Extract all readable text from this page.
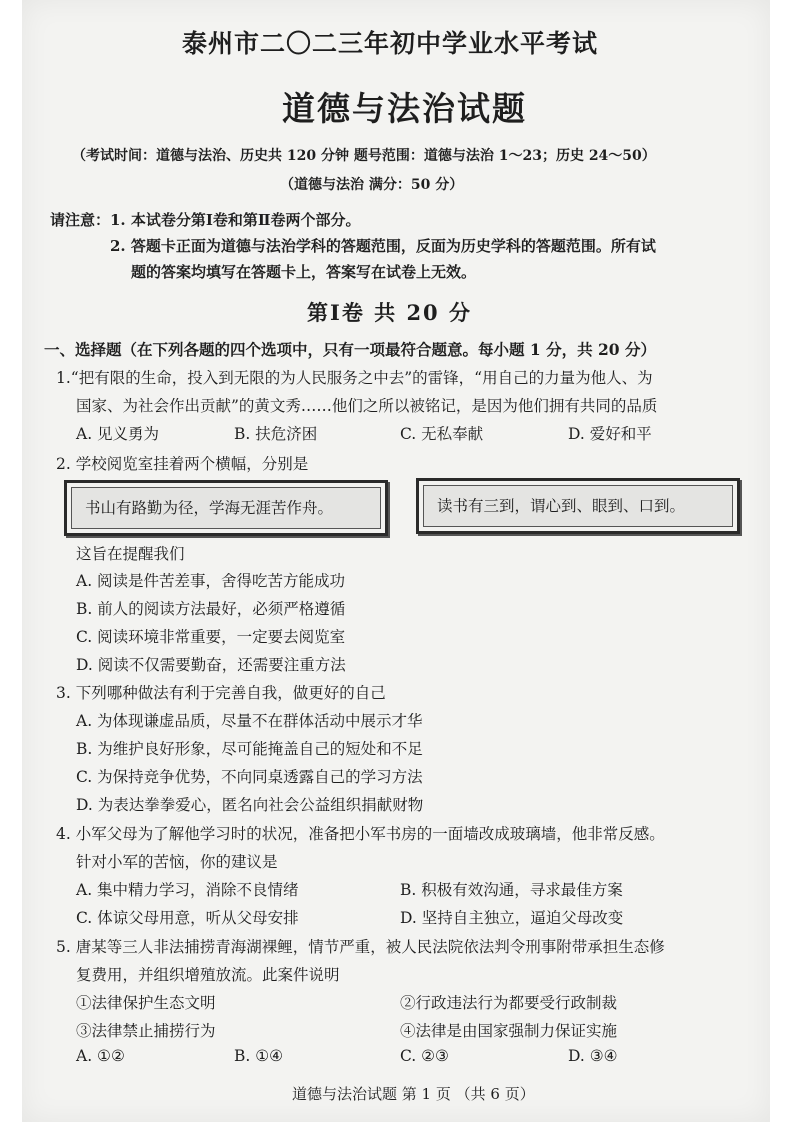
泰州市二〇二三年初中学业水平考试
道德与法治试题
（考试时间：道德与法治、历史共 120 分钟 题号范围：道德与法治 1～23；历史 24～50）
（道德与法治 满分：50 分）
请注意：1. 本试卷分第Ⅰ卷和第Ⅱ卷两个部分。
2. 答题卡正面为道德与法治学科的答题范围，反面为历史学科的答题范围。所有试
题的答案均填写在答题卡上，答案写在试卷上无效。
第Ⅰ卷 共 20 分
一、选择题（在下列各题的四个选项中，只有一项最符合题意。每小题 1 分，共 20 分）
1.“把有限的生命，投入到无限的为人民服务之中去”的雷锋，“用自己的力量为他人、为
国家、为社会作出贡献”的黄文秀……他们之所以被铭记，是因为他们拥有共同的品质
A. 见义勇为	B. 扶危济困	C. 无私奉献	D. 爱好和平
2. 学校阅览室挂着两个横幅，分别是
书山有路勤为径，学海无涯苦作舟。	读书有三到，谓心到、眼到、口到。
这旨在提醒我们
A. 阅读是件苦差事，舍得吃苦方能成功
B. 前人的阅读方法最好，必须严格遵循
C. 阅读环境非常重要，一定要去阅览室
D. 阅读不仅需要勤奋，还需要注重方法
3. 下列哪种做法有利于完善自我，做更好的自己
A. 为体现谦虚品质，尽量不在群体活动中展示才华
B. 为维护良好形象，尽可能掩盖自己的短处和不足
C. 为保持竞争优势，不向同桌透露自己的学习方法
D. 为表达拳拳爱心，匿名向社会公益组织捐献财物
4. 小军父母为了解他学习时的状况，准备把小军书房的一面墙改成玻璃墙，他非常反感。
针对小军的苦恼，你的建议是
A. 集中精力学习，消除不良情绪	B. 积极有效沟通，寻求最佳方案
C. 体谅父母用意，听从父母安排	D. 坚持自主独立，逼迫父母改变
5. 唐某等三人非法捕捞青海湖裸鲤，情节严重，被人民法院依法判令刑事附带承担生态修
复费用，并组织增殖放流。此案件说明
①法律保护生态文明	②行政违法行为都要受行政制裁
③法律禁止捕捞行为	④法律是由国家强制力保证实施
A. ①②	B. ①④	C. ②③	D. ③④
道德与法治试题 第 1 页 （共 6 页）
